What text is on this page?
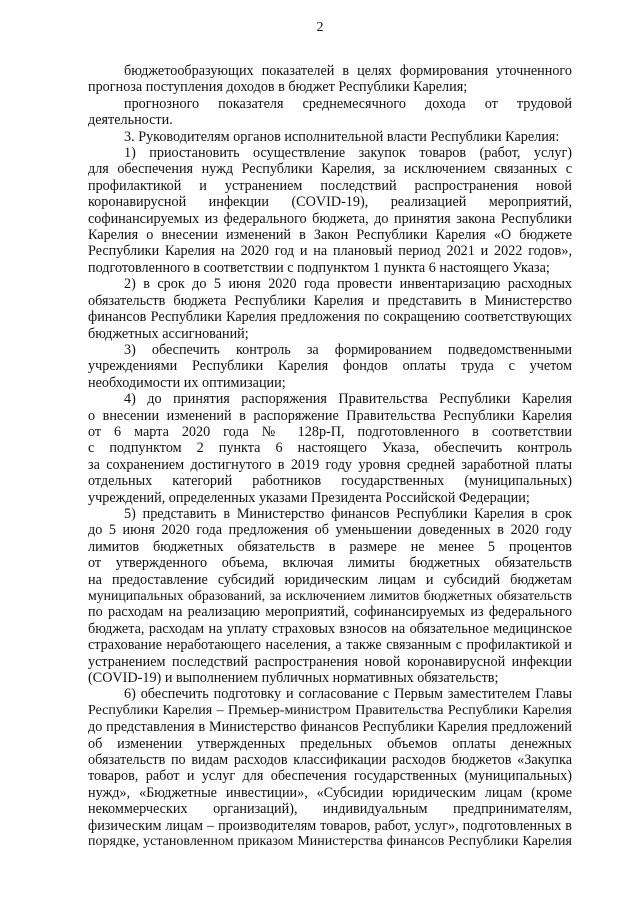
2
бюджетообразующих показателей в целях формирования уточненного
прогноза поступления доходов в бюджет Республики Карелия;
прогнозного показателя среднемесячного дохода от трудовой
деятельности.
3. Руководителям органов исполнительной власти Республики Карелия:
1) приостановить осуществление закупок товаров (работ, услуг)
для обеспечения нужд Республики Карелия, за исключением связанных с
профилактикой и устранением последствий распространения новой
коронавирусной инфекции (COVID-19), реализацией мероприятий,
софинансируемых из федерального бюджета, до принятия закона Республики
Карелия о внесении изменений в Закон Республики Карелия «О бюджете
Республики Карелия на 2020 год и на плановый период 2021 и 2022 годов»,
подготовленного в соответствии с подпунктом 1 пункта 6 настоящего Указа;
2) в срок до 5 июня 2020 года провести инвентаризацию расходных
обязательств бюджета Республики Карелия и представить в Министерство
финансов Республики Карелия предложения по сокращению соответствующих
бюджетных ассигнований;
3) обеспечить контроль за формированием подведомственными
учреждениями Республики Карелия фондов оплаты труда с учетом
необходимости их оптимизации;
4) до принятия распоряжения Правительства Республики Карелия
о внесении изменений в распоряжение Правительства Республики Карелия
от 6 марта 2020 года № 128р-П, подготовленного в соответствии
с подпунктом 2 пункта 6 настоящего Указа, обеспечить контроль
за сохранением достигнутого в 2019 году уровня средней заработной платы
отдельных категорий работников государственных (муниципальных)
учреждений, определенных указами Президента Российской Федерации;
5) представить в Министерство финансов Республики Карелия в срок
до 5 июня 2020 года предложения об уменьшении доведенных в 2020 году
лимитов бюджетных обязательств в размере не менее 5 процентов
от утвержденного объема, включая лимиты бюджетных обязательств
на предоставление субсидий юридическим лицам и субсидий бюджетам
муниципальных образований, за исключением лимитов бюджетных обязательств
по расходам на реализацию мероприятий, софинансируемых из федерального
бюджета, расходам на уплату страховых взносов на обязательное медицинское
страхование неработающего населения, а также связанным с профилактикой и
устранением последствий распространения новой коронавирусной инфекции
(COVID-19) и выполнением публичных нормативных обязательств;
6) обеспечить подготовку и согласование с Первым заместителем Главы
Республики Карелия – Премьер-министром Правительства Республики Карелия
до представления в Министерство финансов Республики Карелия предложений
об изменении утвержденных предельных объемов оплаты денежных
обязательств по видам расходов классификации расходов бюджетов «Закупка
товаров, работ и услуг для обеспечения государственных (муниципальных)
нужд», «Бюджетные инвестиции», «Субсидии юридическим лицам (кроме
некоммерческих организаций), индивидуальным предпринимателям,
физическим лицам – производителям товаров, работ, услуг», подготовленных в
порядке, установленном приказом Министерства финансов Республики Карелия
